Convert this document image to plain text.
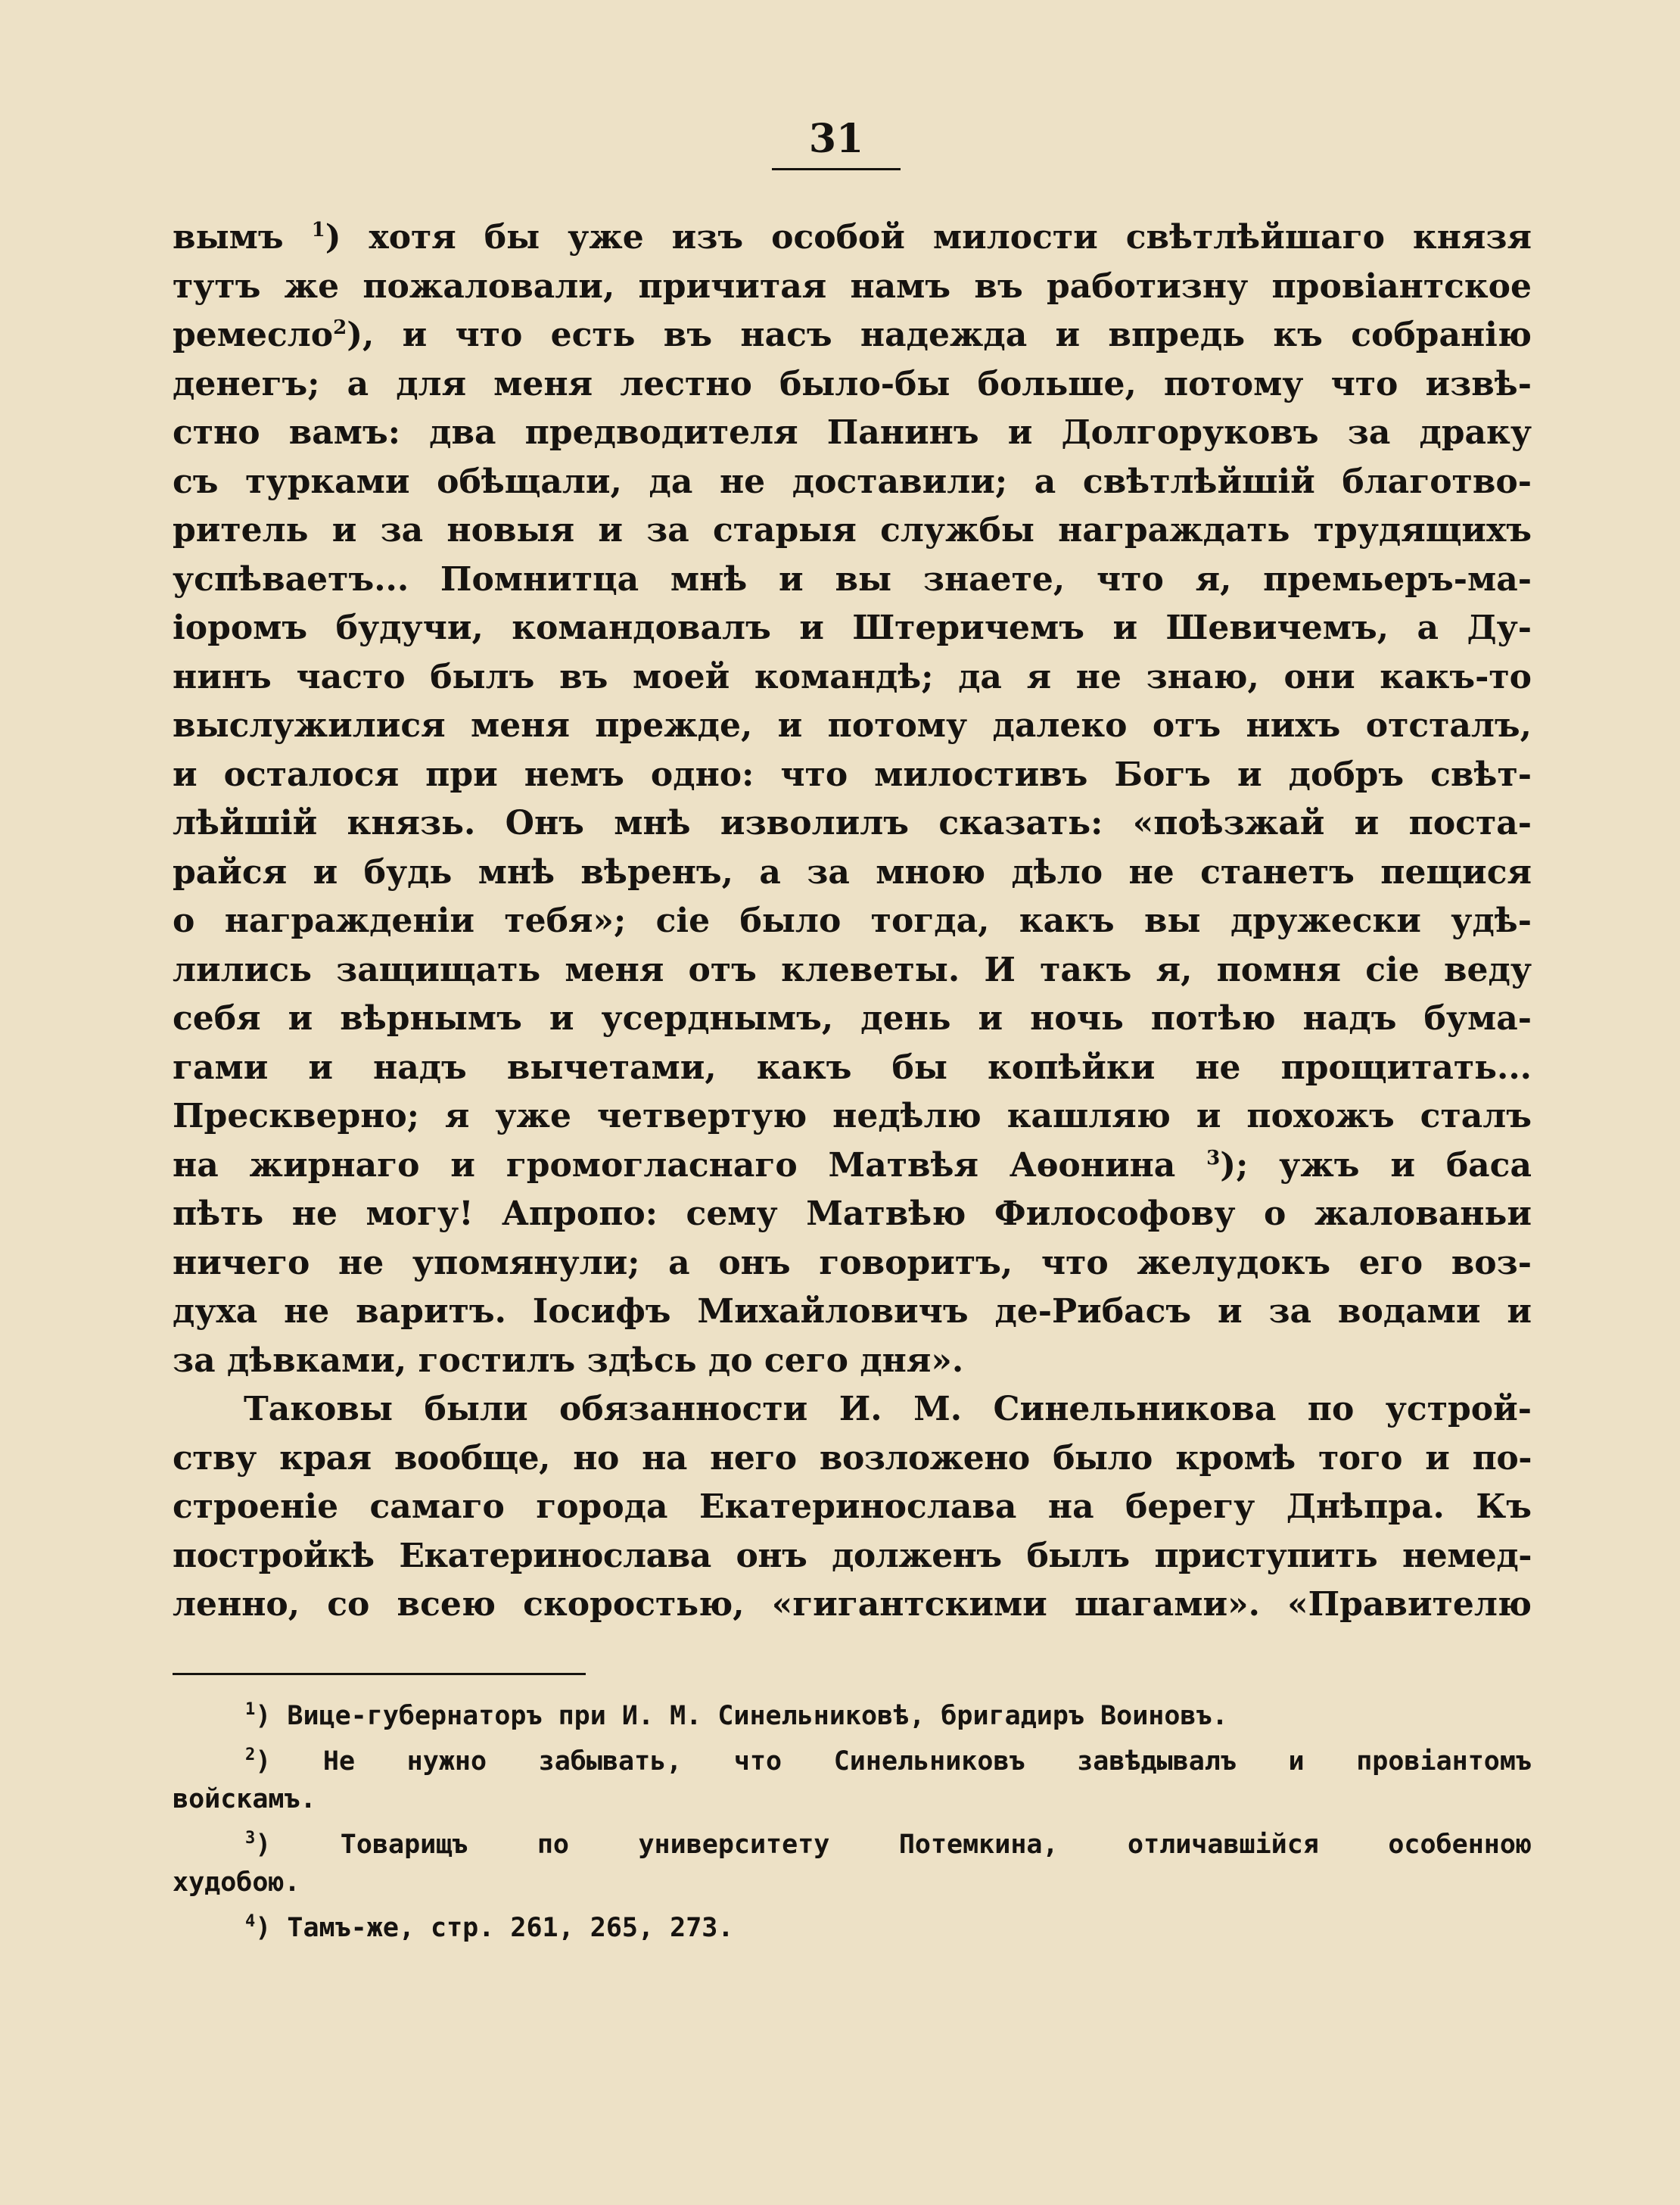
31
вымъ $^1$) хотя бы уже изъ особой милости свѣтлѣйшаго князя
тутъ же пожаловали, причитая намъ въ работизну провіантское
ремесло$^2$), и что есть въ насъ надежда и впредь къ собранію
денегъ; а для меня лестно было-бы больше, потому что извѣ-
стно вамъ: два предводителя Панинъ и Долгоруковъ за драку
съ турками обѣщали, да не доставили; а свѣтлѣйшій благотво-
ритель и за новыя и за старыя службы награждать трудящихъ
успѣваетъ... Помнитца мнѣ и вы знаете, что я, премьеръ-ма-
іоромъ будучи, командовалъ и Штеричемъ и Шевичемъ, а Ду-
нинъ часто былъ въ моей командѣ; да я не знаю, они какъ-то
выслужилися меня прежде, и потому далеко отъ нихъ отсталъ,
и осталося при немъ одно: что милостивъ Богъ и добръ свѣт-
лѣйшій князь. Онъ мнѣ изволилъ сказать: «поѣзжай и поста-
райся и будь мнѣ вѣренъ, а за мною дѣло не станетъ пещися
о награжденіи тебя»; сіе было тогда, какъ вы дружески удѣ-
лились защищать меня отъ клеветы. И такъ я, помня сіе веду
себя и вѣрнымъ и усерднымъ, день и ночь потѣю надъ бума-
гами и надъ вычетами, какъ бы копѣйки не прощитать...
Прескверно; я уже четвертую недѣлю кашляю и похожъ сталъ
на жирнаго и громогласнаго Матвѣя Аѳонина $^3$); ужъ и баса
пѣть не могу! Апропо: сему Матвѣю Философову о жалованьи
ничего не упомянули; а онъ говоритъ, что желудокъ его воз-
духа не варитъ. Іосифъ Михайловичъ де-Рибасъ и за водами и
за дѣвками, гостилъ здѣсь до сего дня».
Таковы были обязанности И. М. Синельникова по устрой-
ству края вообще, но на него возложено было кромѣ того и по-
строеніе самаго города Екатеринослава на берегу Днѣпра. Къ
постройкѣ Екатеринослава онъ долженъ былъ приступить немед-
ленно, со всею скоростью, «гигантскими шагами». «Правителю
$^1$) Вице-губернаторъ при И. М. Синельниковѣ, бригадиръ Воиновъ.
$^2$) Не нужно забывать, что Синельниковъ завѣдывалъ и провіантомъ
войскамъ.
$^3$) Товарищъ по университету Потемкина, отличавшійся особенною
худобою.
$^4$) Тамъ-же, стр. 261, 265, 273.
